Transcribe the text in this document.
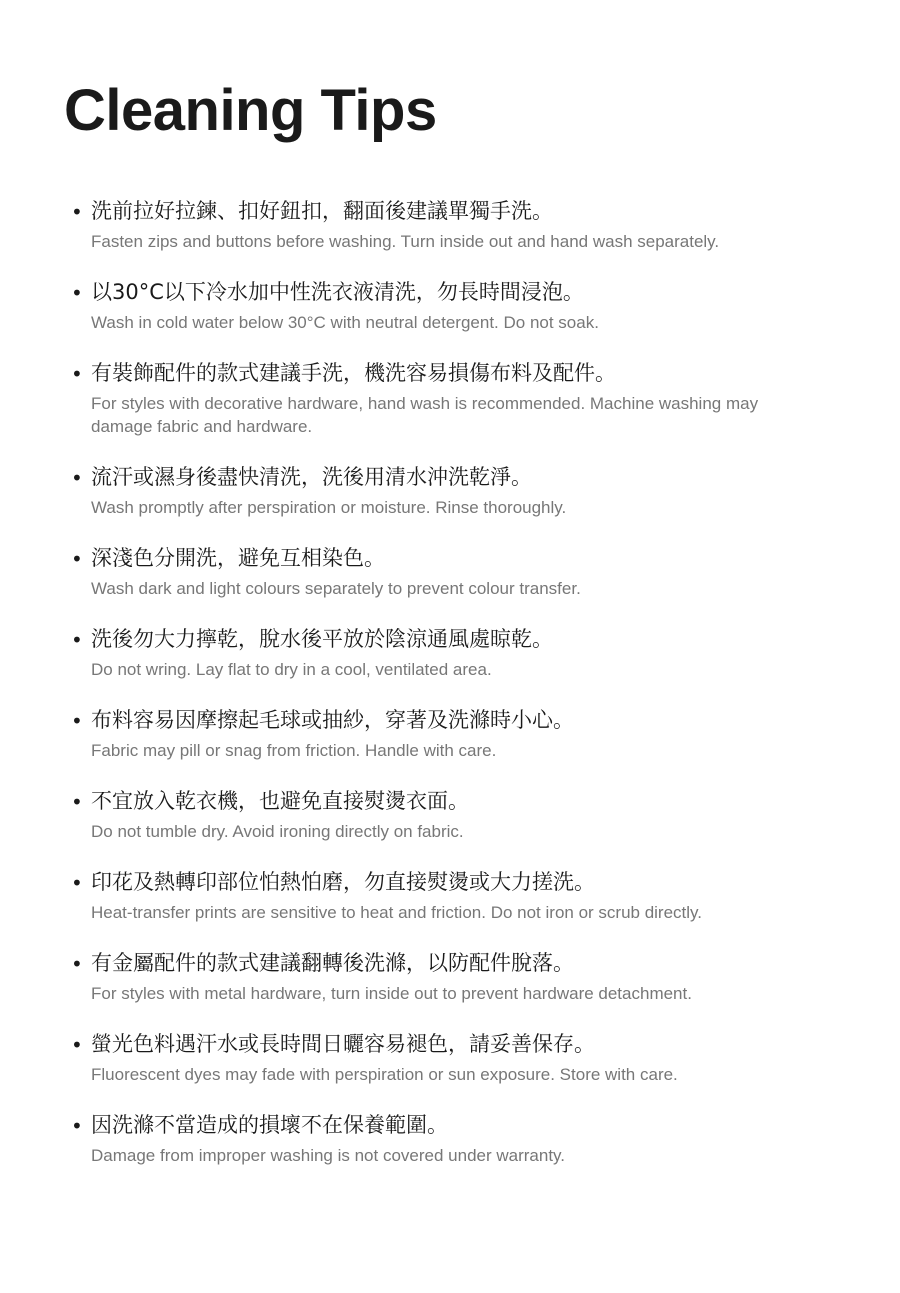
Cleaning Tips
• 洗前拉好拉鍊、扣好鈕扣，翻面後建議單獨手洗。
Fasten zips and buttons before washing. Turn inside out and hand wash separately.
• 以30°C以下冷水加中性洗衣液清洗，勿長時間浸泡。
Wash in cold water below 30°C with neutral detergent. Do not soak.
• 有裝飾配件的款式建議手洗，機洗容易損傷布料及配件。
For styles with decorative hardware, hand wash is recommended. Machine washing may damage fabric and hardware.
• 流汗或濕身後盡快清洗，洗後用清水沖洗乾淨。
Wash promptly after perspiration or moisture. Rinse thoroughly.
• 深淺色分開洗，避免互相染色。
Wash dark and light colours separately to prevent colour transfer.
• 洗後勿大力擰乾，脫水後平放於陰涼通風處晾乾。
Do not wring. Lay flat to dry in a cool, ventilated area.
• 布料容易因摩擦起毛球或抽紗，穿著及洗滌時小心。
Fabric may pill or snag from friction. Handle with care.
• 不宜放入乾衣機，也避免直接熨燙衣面。
Do not tumble dry. Avoid ironing directly on fabric.
• 印花及熱轉印部位怕熱怕磨，勿直接熨燙或大力搓洗。
Heat-transfer prints are sensitive to heat and friction. Do not iron or scrub directly.
• 有金屬配件的款式建議翻轉後洗滌，以防配件脫落。
For styles with metal hardware, turn inside out to prevent hardware detachment.
• 螢光色料遇汗水或長時間日曬容易褪色，請妥善保存。
Fluorescent dyes may fade with perspiration or sun exposure. Store with care.
• 因洗滌不當造成的損壞不在保養範圍。
Damage from improper washing is not covered under warranty.
